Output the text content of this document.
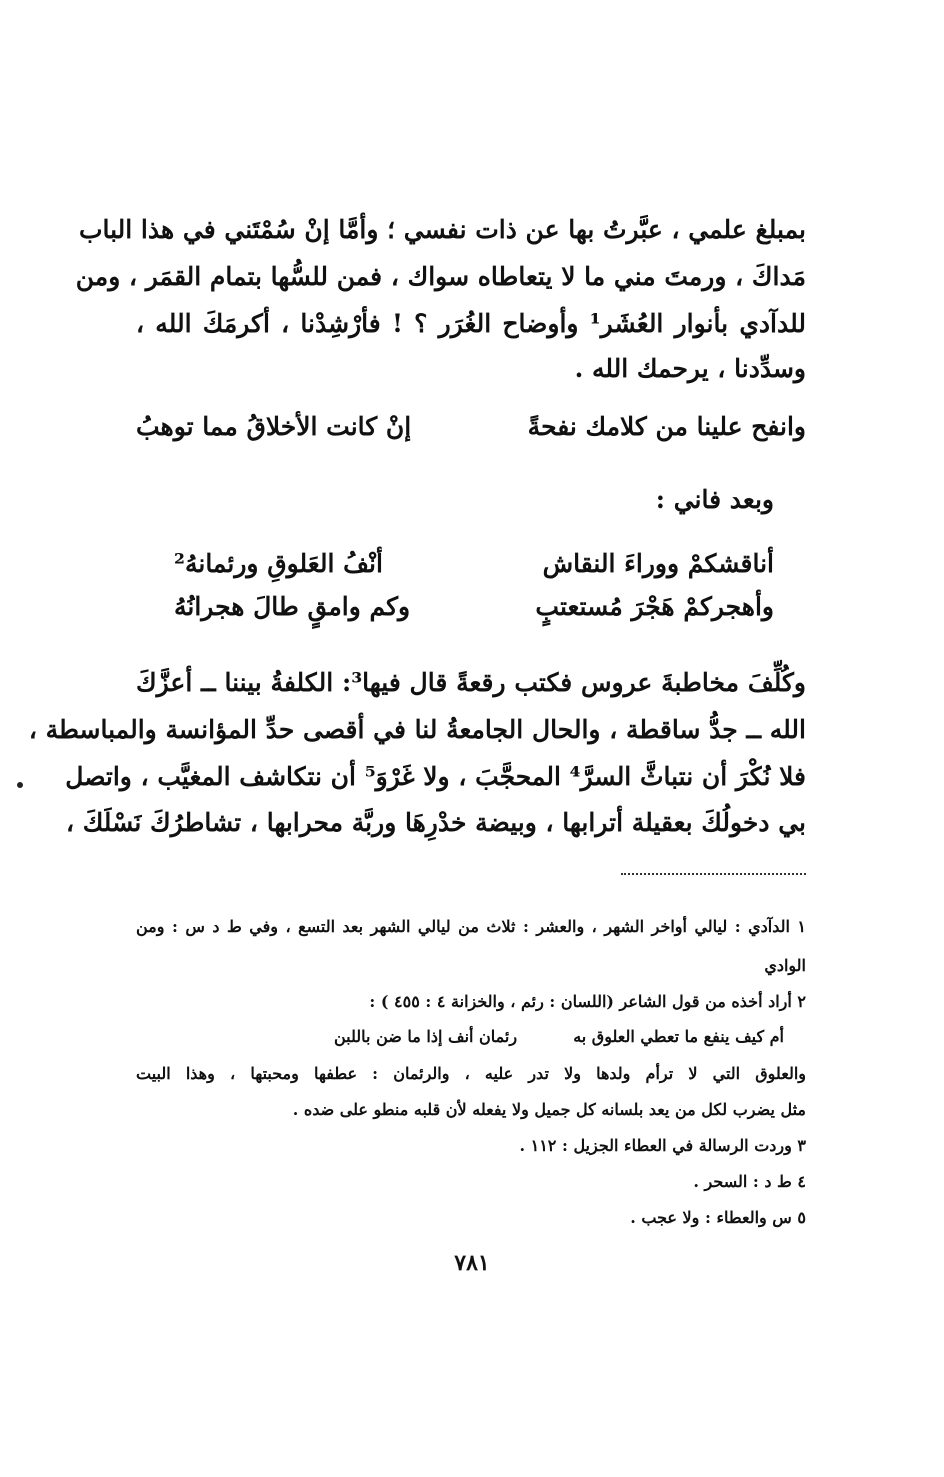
بمبلغ علمي ، عبَّرتُ بها عن ذات نفسي ؛ وأمَّا إنْ سُمْتَني في هذا الباب
مَداكَ ، ورمتَ مني ما لا يتعاطاه سواك ، فمن للسُّها بتمام القمَر ، ومن
للدآدي بأنوار العُشَر¹ وأوضاح الغُرَر ؟ ! فأرْشِدْنا ، أكرمَكَ الله ،
وسدِّدنا ، يرحمك الله .
وانفح علينا من كلامك نفحةً
إنْ كانت الأخلاقُ مما توهبُ
وبعد فاني :
أناقشكمْ ووراءَ النقاش
أنْفُ العَلوقِ ورئمانهُ²
وأهجركمْ هَجْرَ مُستعتبٍ
وكم وامقٍ طالَ هجرانُهُ
وكُلِّفَ مخاطبةَ عروس فكتب رقعةً قال فيها³: الكلفةُ بيننا ــ أعزَّكَ
الله ــ جدُّ ساقطة ، والحال الجامعةُ لنا في أقصى حدِّ المؤانسة والمباسطة ،
فلا نُكْرَ أن نتباثَّ السرَّ⁴ المحجَّبَ ، ولا غَرْوَ⁵ أن نتكاشف المغيَّب ، واتصل
بي دخولُكَ بعقيلة أترابها ، وبيضة خدْرِهَا وربَّة محرابها ، تشاطرُكَ نَسْلَكَ ،
١ الدآدي : ليالي أواخر الشهر ، والعشر : ثلاث من ليالي الشهر بعد التسع ، وفي ط د س : ومن
الوادي
٢ أراد أخذه من قول الشاعر (اللسان : رئم ، والخزانة ٤ : ٤٥٥ ) :
أم كيف ينفع ما تعطي العلوق به
رئمان أنف إذا ما ضن باللبن
والعلوق التي لا ترأم ولدها ولا تدر عليه ، والرئمان : عطفها ومحبتها ، وهذا البيت
مثل يضرب لكل من يعد بلسانه كل جميل ولا يفعله لأن قلبه منطو على ضده .
٣ وردت الرسالة في العطاء الجزيل : ١١٢ .
٤ ط د : السحر .
٥ س والعطاء : ولا عجب .
٧٨١
